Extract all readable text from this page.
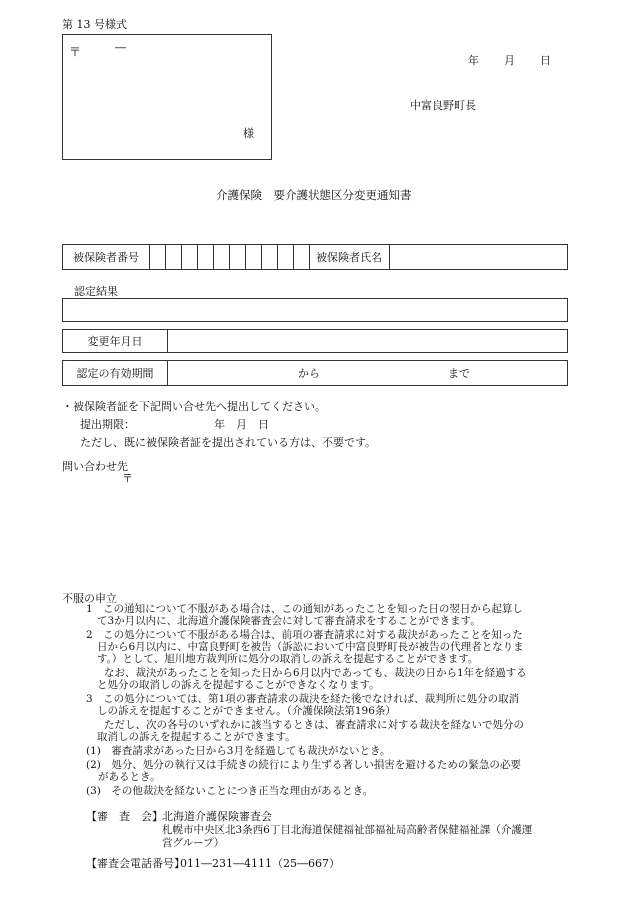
第 13 号様式
〒	―
様
年 月 日
中富良野町長
介護保険　要介護状態区分変更通知書
被保険者番号	被保険者氏名
認定結果
変更年月日
認定の有効期間	から	まで
・被保険者証を下記問い合せ先へ提出してください。
提出期限：	年 月 日
ただし、既に被保険者証を提出されている方は、不要です。
問い合わせ先
〒
不服の申立
1　この通知について不服がある場合は、この通知があったことを知った日の翌日から起算し
て3か月以内に、北海道介護保険審査会に対して審査請求をすることができます。
2　この処分について不服がある場合は、前項の審査請求に対する裁決があったことを知った
日から6月以内に、中富良野町を被告（訴訟において中富良野町長が被告の代理者となりま
す。）として、旭川地方裁判所に処分の取消しの訴えを提起することができます。
なお、裁決があったことを知った日から6月以内であっても、裁決の日から1年を経過する
と処分の取消しの訴えを提起することができなくなります。
3　この処分については、第1項の審査請求の裁決を経た後でなければ、裁判所に処分の取消
しの訴えを提起することができません。（介護保険法第196条）
ただし、次の各号のいずれかに該当するときは、審査請求に対する裁決を経ないで処分の
取消しの訴えを提起することができます。
(1)　審査請求があった日から3月を経過しても裁決がないとき。
(2)　処分、処分の執行又は手続きの続行により生ずる著しい損害を避けるための緊急の必要
があるとき。
(3)　その他裁決を経ないことにつき正当な理由があるとき。
【審　査　会】 北海道介護保険審査会
札幌市中央区北3条西6丁目北海道保健福祉部福祉局高齢者保健福祉課（介護運
営グループ）
【審査会電話番号】
011―231―4111（25―667）
